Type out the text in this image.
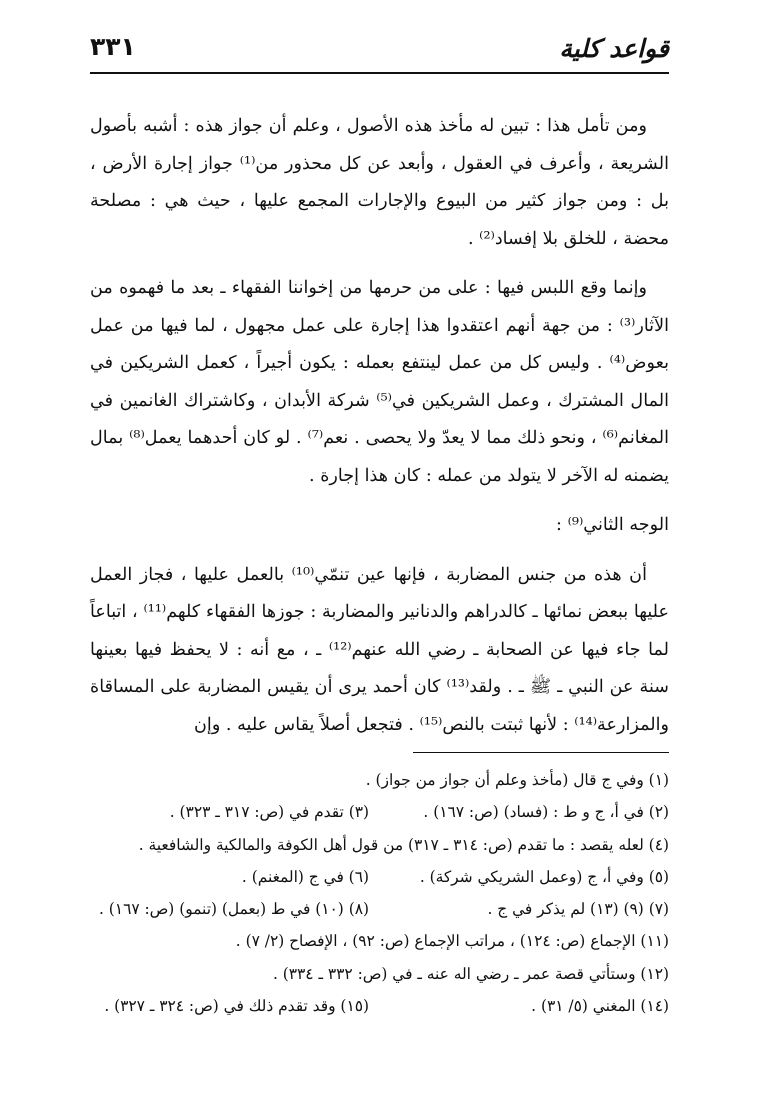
قواعد كلية
٣٣١

ومن تأمل هذا : تبين له مأخذ هذه الأصول ، وعلم أن جواز هذه : أشبه بأصول الشريعة ، وأعرف في العقول ، وأبعد عن كل محذور من⁽¹⁾ جواز إجارة الأرض ، بل : ومن جواز كثير من البيوع والإجارات المجمع عليها ، حيث هي : مصلحة محضة ، للخلق بلا إفساد⁽²⁾ .

وإنما وقع اللبس فيها : على من حرمها من إخواننا الفقهاء ـ بعد ما فهموه من الآثار⁽³⁾ : من جهة أنهم اعتقدوا هذا إجارة على عمل مجهول ، لما فيها من عمل بعوض⁽⁴⁾ . وليس كل من عمل لينتفع بعمله : يكون أجيراً ، كعمل الشريكين في المال المشترك ، وعمل الشريكين في⁽⁵⁾ شركة الأبدان ، وكاشتراك الغانمين في المغانم⁽⁶⁾ ، ونحو ذلك مما لا يعدّ ولا يحصى . نعم⁽⁷⁾ . لو كان أحدهما يعمل⁽⁸⁾ بمال يضمنه له الآخر لا يتولد من عمله : كان هذا إجارة .

الوجه الثاني⁽⁹⁾ :

أن هذه من جنس المضاربة ، فإنها عين تنمّي⁽¹⁰⁾ بالعمل عليها ، فجاز العمل عليها ببعض نمائها ـ كالدراهم والدنانير والمضاربة : جوزها الفقهاء كلهم⁽¹¹⁾ ، اتباعاً لما جاء فيها عن الصحابة ـ رضي الله عنهم⁽¹²⁾ ـ ، مع أنه : لا يحفظ فيها بعينها سنة عن النبي ـ ﷺ ـ . ولقد⁽¹³⁾ كان أحمد يرى أن يقيس المضاربة على المساقاة والمزارعة⁽¹⁴⁾ : لأنها ثبتت بالنص⁽¹⁵⁾ . فتجعل أصلاً يقاس عليه . وإن

(١) وفي ج قال (مأخذ وعلم أن جواز من جواز) .
(٢) في أ، ج و ط : (فساد) (ص: ١٦٧) .
(٣) تقدم في (ص: ٣١٧ ـ ٣٢٣) .
(٤) لعله يقصد : ما تقدم (ص: ٣١٤ ـ ٣١٧) من قول أهل الكوفة والمالكية والشافعية .
(٥) وفي أ، ج (وعمل الشريكي شركة) .
(٦) في ج (المغنم) .
(٧) (٩) (١٣) لم يذكر في ج .
(٨) (١٠) في ط (بعمل) (تنمو) (ص: ١٦٧) .
(١١) الإجماع (ص: ١٢٤) ، مراتب الإجماع (ص: ٩٢) ، الإفصاح (٢/ ٧) .
(١٢) وستأتي قصة عمر ـ رضي اله عنه ـ في (ص: ٣٣٢ ـ ٣٣٤) .
(١٤) المغني (٥/ ٣١) .
(١٥) وقد تقدم ذلك في (ص: ٣٢٤ ـ ٣٢٧) .
